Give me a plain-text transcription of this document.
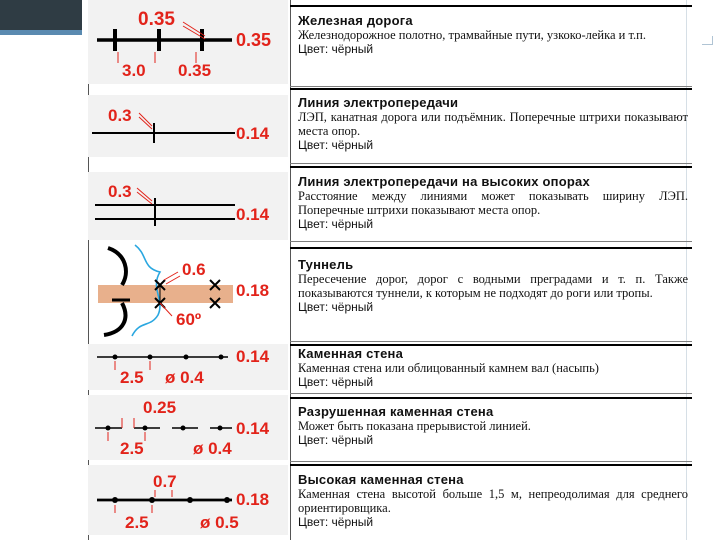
0.35
0.35
3.0 0.35
0.3
0.14
0.3
0.14
0.6
0.18
60º
0.14
2.5 ø 0.4
0.25
0.14
2.5	ø 0.4
0.7
0.18
2.5	ø 0.5
Железная дорога
Железнодорожное полотно, трамвайные пути, узкоко-лейка и т.п.
Цвет: чёрный
Линия электропередачи
ЛЭП, канатная дорога или подъёмник. Поперечные штрихи показывают места опор.
Цвет: чёрный
Линия электропередачи на высоких опорах
Расстояние между линиями может показывать ширину ЛЭП. Поперечные штрихи показывают места опор.
Цвет: чёрный
Туннель
Пересечение дорог, дорог с водными преградами и т. п. Также показываются туннели, к которым не подходят до роги или тропы.
Цвет: чёрный
Каменная стена
Каменная стена или облицованный камнем вал (насыпь)
Цвет: чёрный
Разрушенная каменная стена
Может быть показана прерывистой линией.
Цвет: чёрный
Высокая каменная стена
Каменная стена высотой больше 1,5 м, непреодолимая для среднего ориентировщика.
Цвет: чёрный
